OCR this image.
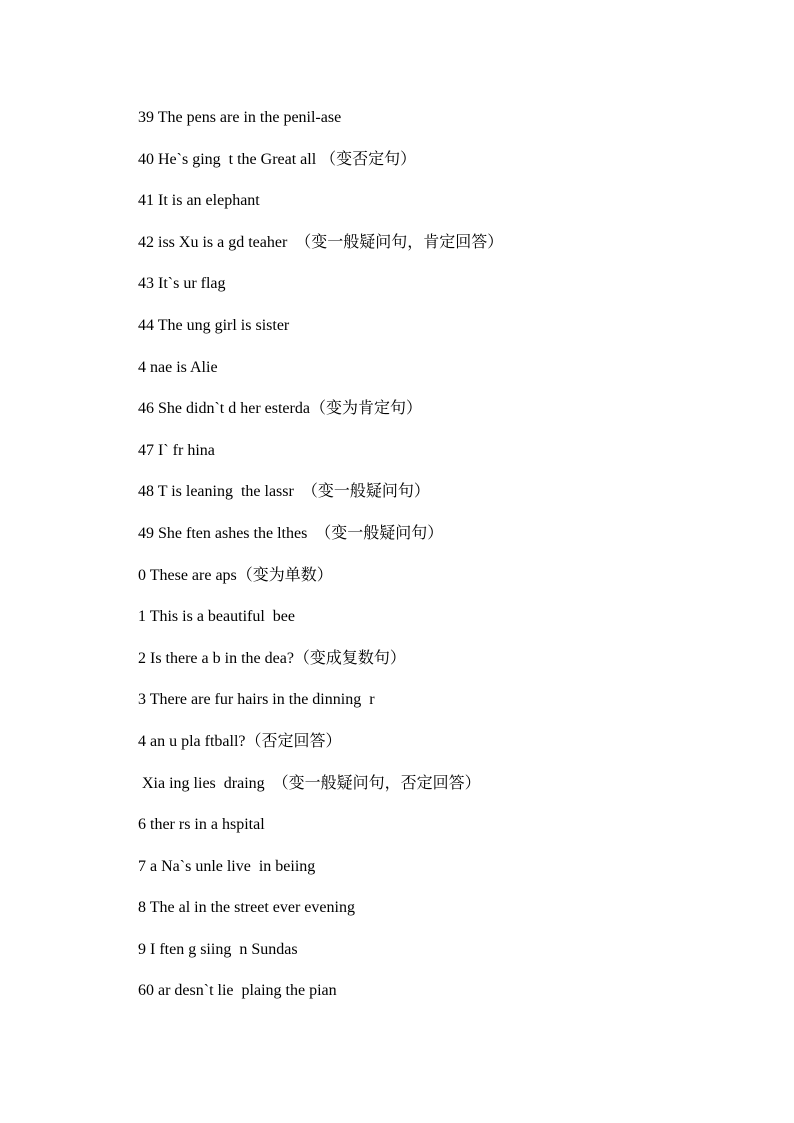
39 The pens are in the penil-ase
40 He`s ging  t the Great all （变否定句）
41 It is an elephant
42 iss Xu is a gd teaher  （变一般疑问句，肯定回答）
43 It`s ur flag
44 The ung girl is sister
4 nae is Alie
46 She didn`t d her esterda（变为肯定句）
47 I` fr hina
48 T is leaning  the lassr  （变一般疑问句）
49 She ften ashes the lthes  （变一般疑问句）
0 These are aps（变为单数）
1 This is a beautiful  bee
2 Is there a b in the dea?（变成复数句）
3 There are fur hairs in the dinning  r
4 an u pla ftball?（否定回答）
Xia ing lies  draing  （变一般疑问句，否定回答）
6 ther rs in a hspital
7 a Na`s unle live  in beiing
8 The al in the street ever evening
9 I ften g siing  n Sundas
60 ar desn`t lie  plaing the pian
